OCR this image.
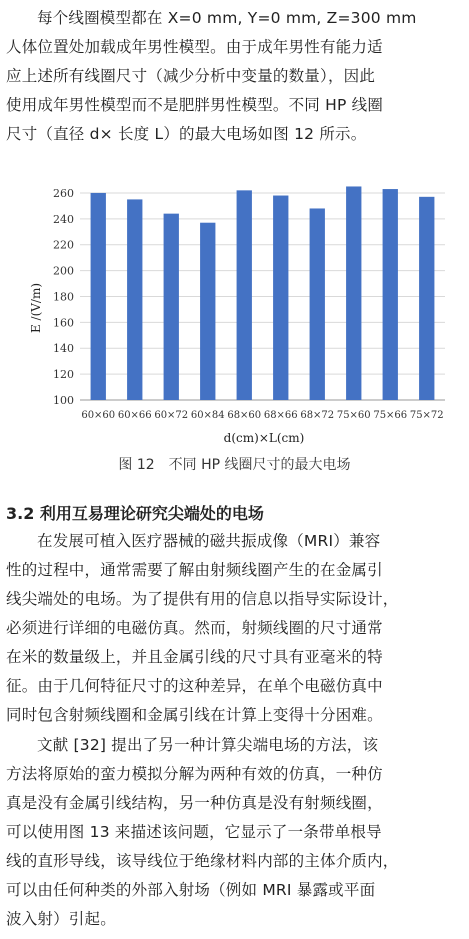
每个线圈模型都在 X=0 mm, Y=0 mm, Z=300 mm
人体位置处加载成年男性模型。由于成年男性有能力适
应上述所有线圈尺寸（减少分析中变量的数量），因此
使用成年男性模型而不是肥胖男性模型。不同 HP 线圈
尺寸（直径 d× 长度 L）的最大电场如图 12 所示。
100
120
140
160
180
200
220
240
260
60×60 60×66 60×72 60×84 68×60 68×66 68×72 75×60 75×66 75×72
E /(V/m)
d(cm)×L(cm)
图 12　不同 HP 线圈尺寸的最大电场
3.2 利用互易理论研究尖端处的电场
在发展可植入医疗器械的磁共振成像（MRI）兼容
性的过程中，通常需要了解由射频线圈产生的在金属引
线尖端处的电场。为了提供有用的信息以指导实际设计，
必须进行详细的电磁仿真。然而，射频线圈的尺寸通常
在米的数量级上，并且金属引线的尺寸具有亚毫米的特
征。由于几何特征尺寸的这种差异，在单个电磁仿真中
同时包含射频线圈和金属引线在计算上变得十分困难。
文献 [32] 提出了另一种计算尖端电场的方法，该
方法将原始的蛮力模拟分解为两种有效的仿真，一种仿
真是没有金属引线结构，另一种仿真是没有射频线圈，
可以使用图 13 来描述该问题，它显示了一条带单根导
线的直形导线，该导线位于绝缘材料内部的主体介质内，
可以由任何种类的外部入射场（例如 MRI 暴露或平面
波入射）引起。
